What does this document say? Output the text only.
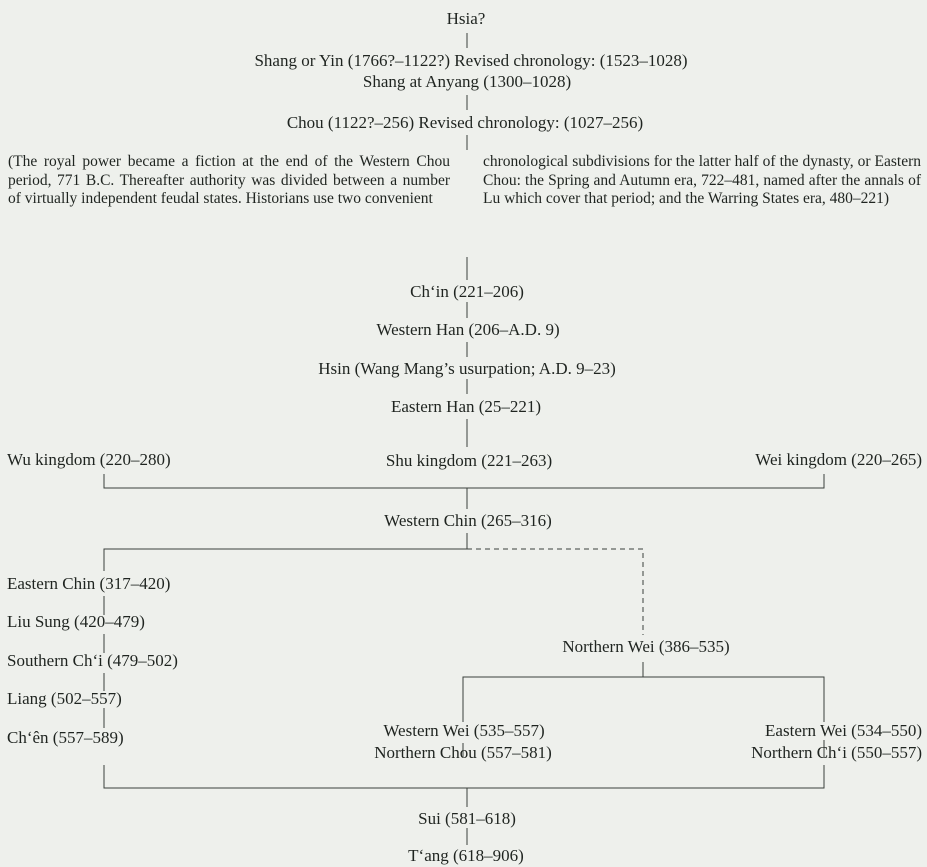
Hsia?
Shang or Yin (1766?–1122?) Revised chronology: (1523–1028)
Shang at Anyang (1300–1028)
Chou (1122?–256) Revised chronology: (1027–256)
(The royal power became a fiction at the end of the Western Chou period, 771 B.C. Thereafter authority was divided between a number of virtually independent feudal states. Historians use two convenient
chronological subdivisions for the latter half of the dynasty, or Eastern Chou: the Spring and Autumn era, 722–481, named after the annals of Lu which cover that period; and the Warring States era, 480–221)
Ch‘in (221–206)
Western Han (206–A.D. 9)
Hsin (Wang Mang’s usurpation; A.D. 9–23)
Eastern Han (25–221)
Wu kingdom (220–280)	Shu kingdom (221–263)	Wei kingdom (220–265)
Western Chin (265–316)
Eastern Chin (317–420)
Liu Sung (420–479)
Southern Ch‘i (479–502)
Liang (502–557)
Ch‘ên (557–589)
Northern Wei (386–535)
Western Wei (535–557)
Northern Chou (557–581)
Eastern Wei (534–550)
Northern Ch‘i (550–557)
Sui (581–618)
T‘ang (618–906)
